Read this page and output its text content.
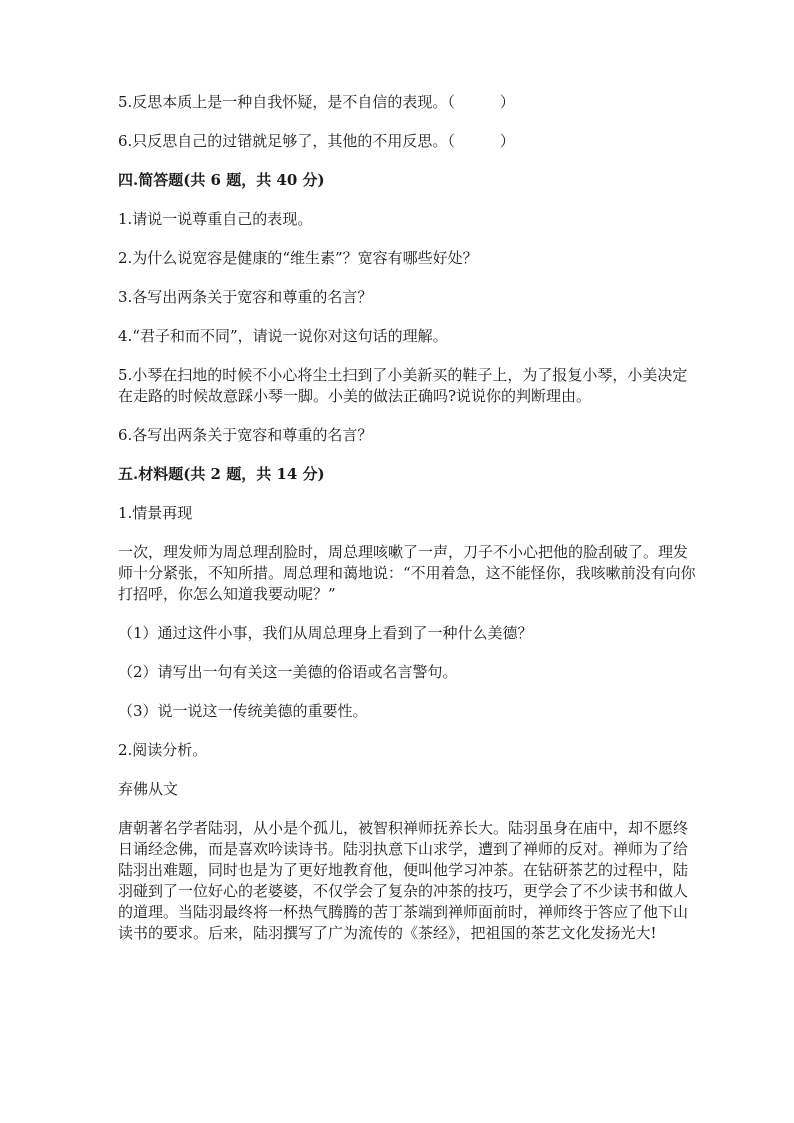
5.反思本质上是一种自我怀疑，是不自信的表现。（　　　）
6.只反思自己的过错就足够了，其他的不用反思。（　　　）
四.简答题(共 6 题，共 40 分)
1.请说一说尊重自己的表现。
2.为什么说宽容是健康的“维生素”？宽容有哪些好处？
3.各写出两条关于宽容和尊重的名言？
4.“君子和而不同”，请说一说你对这句话的理解。
5.小琴在扫地的时候不小心将尘土扫到了小美新买的鞋子上，为了报复小琴，小美决定在走路的时候故意踩小琴一脚。小美的做法正确吗?说说你的判断理由。
6.各写出两条关于宽容和尊重的名言？
五.材料题(共 2 题，共 14 分)
1.情景再现
一次，理发师为周总理刮脸时，周总理咳嗽了一声，刀子不小心把他的脸刮破了。理发师十分紧张，不知所措。周总理和蔼地说：“不用着急，这不能怪你，我咳嗽前没有向你打招呼，你怎么知道我要动呢？”
（1）通过这件小事，我们从周总理身上看到了一种什么美德？
（2）请写出一句有关这一美德的俗语或名言警句。
（3）说一说这一传统美德的重要性。
2.阅读分析。
弃佛从文
唐朝著名学者陆羽，从小是个孤儿，被智积禅师抚养长大。陆羽虽身在庙中，却不愿终日诵经念佛，而是喜欢吟读诗书。陆羽执意下山求学，遭到了禅师的反对。禅师为了给陆羽出难题，同时也是为了更好地教育他，便叫他学习冲茶。在钻研茶艺的过程中，陆羽碰到了一位好心的老婆婆，不仅学会了复杂的冲茶的技巧，更学会了不少读书和做人的道理。当陆羽最终将一杯热气腾腾的苦丁茶端到禅师面前时，禅师终于答应了他下山读书的要求。后来，陆羽撰写了广为流传的《茶经》，把祖国的茶艺文化发扬光大!
